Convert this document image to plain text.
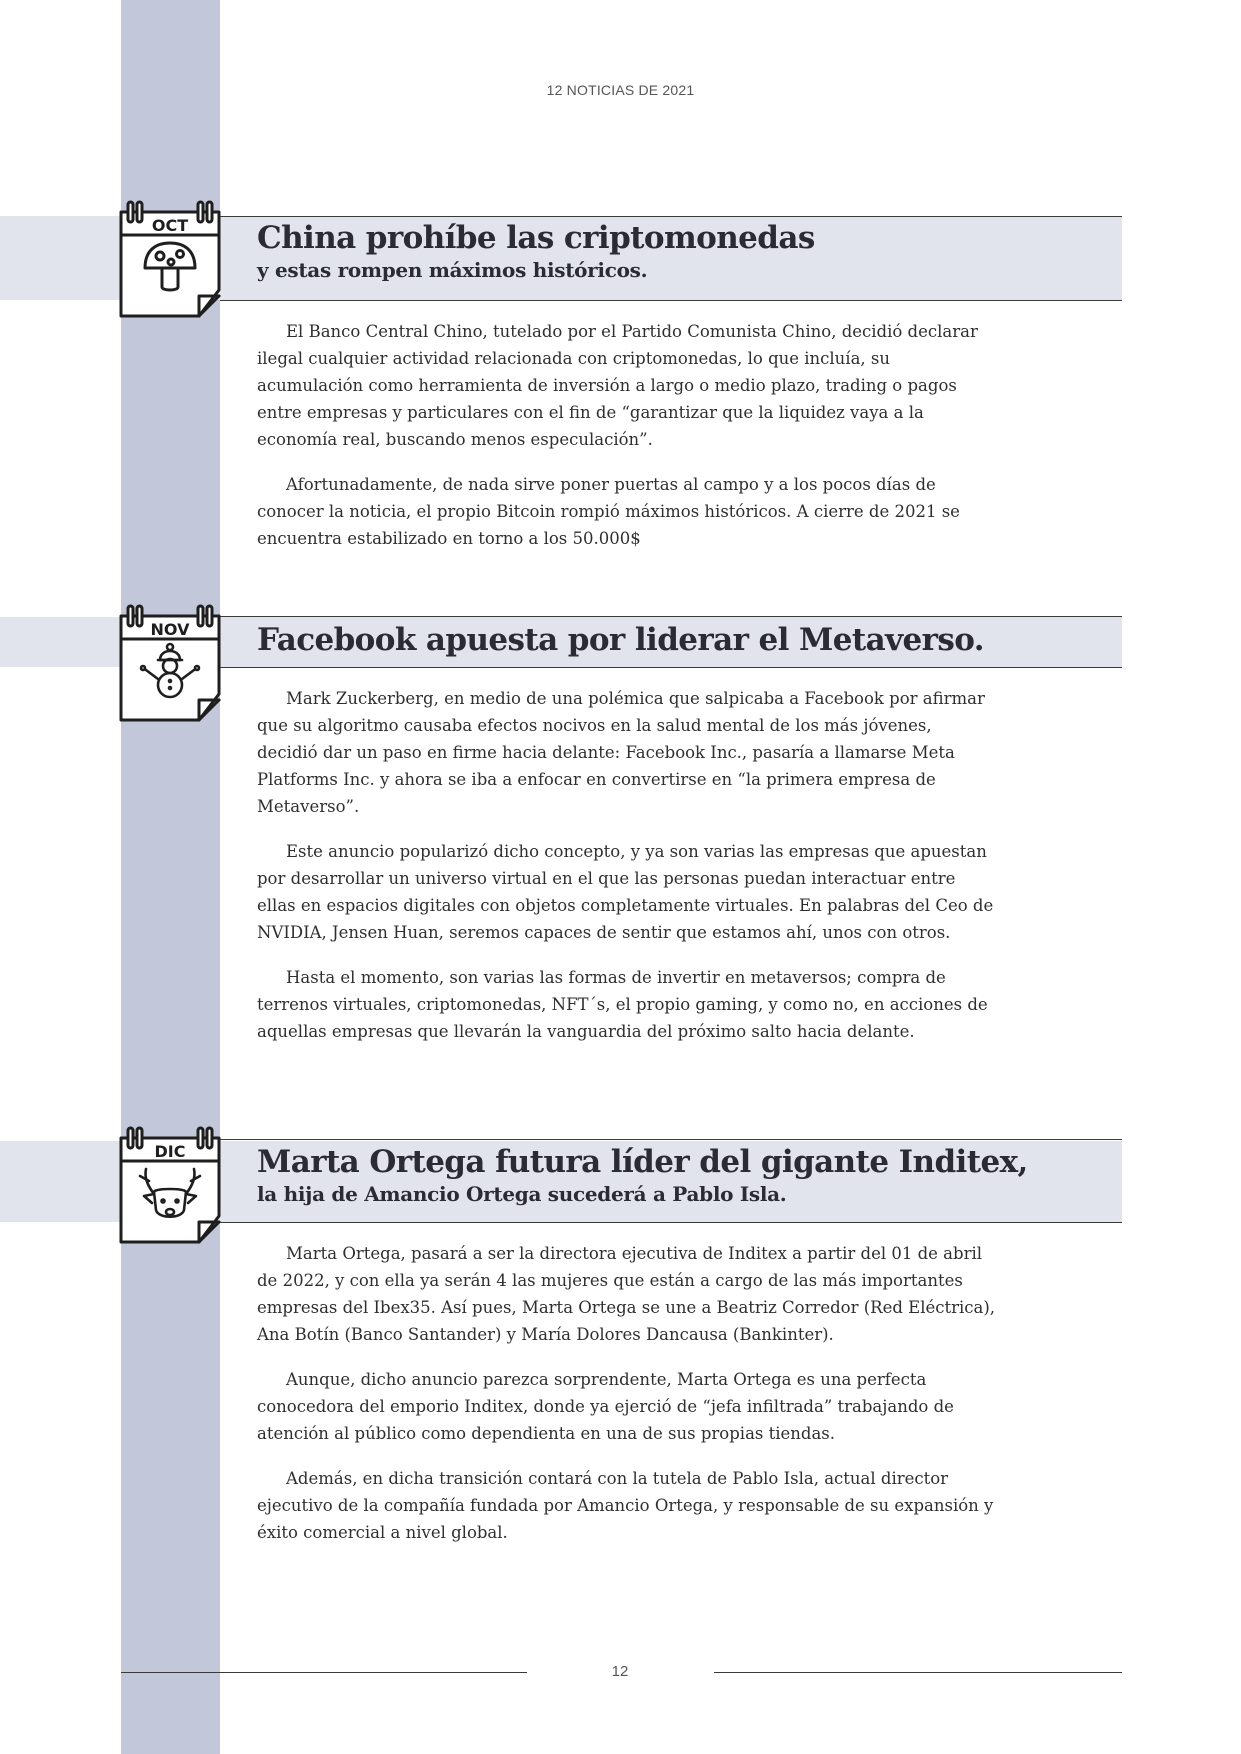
12 NOTICIAS DE 2021
OCT China prohíbe las criptomonedas
y estas rompen máximos históricos.

El Banco Central Chino, tutelado por el Partido Comunista Chino, decidió declarar ilegal cualquier actividad relacionada con criptomonedas, lo que incluía, su acumulación como herramienta de inversión a largo o medio plazo, trading o pagos entre empresas y particulares con el fin de “garantizar que la liquidez vaya a la economía real, buscando menos especulación”.

Afortunadamente, de nada sirve poner puertas al campo y a los pocos días de conocer la noticia, el propio Bitcoin rompió máximos históricos. A cierre de 2021 se encuentra estabilizado en torno a los 50.000$

NOV Facebook apuesta por liderar el Metaverso.

Mark Zuckerberg, en medio de una polémica que salpicaba a Facebook por afirmar que su algoritmo causaba efectos nocivos en la salud mental de los más jóvenes, decidió dar un paso en firme hacia delante: Facebook Inc., pasaría a llamarse Meta Platforms Inc. y ahora se iba a enfocar en convertirse en “la primera empresa de Metaverso”.

Este anuncio popularizó dicho concepto, y ya son varias las empresas que apuestan por desarrollar un universo virtual en el que las personas puedan interactuar entre ellas en espacios digitales con objetos completamente virtuales. En palabras del Ceo de NVIDIA, Jensen Huan, seremos capaces de sentir que estamos ahí, unos con otros.

Hasta el momento, son varias las formas de invertir en metaversos; compra de terrenos virtuales, criptomonedas, NFT´s, el propio gaming, y como no, en acciones de aquellas empresas que llevarán la vanguardia del próximo salto hacia delante.

DIC Marta Ortega futura líder del gigante Inditex,
la hija de Amancio Ortega sucederá a Pablo Isla.

Marta Ortega, pasará a ser la directora ejecutiva de Inditex a partir del 01 de abril de 2022, y con ella ya serán 4 las mujeres que están a cargo de las más importantes empresas del Ibex35. Así pues, Marta Ortega se une a Beatriz Corredor (Red Eléctrica), Ana Botín (Banco Santander) y María Dolores Dancausa (Bankinter).

Aunque, dicho anuncio parezca sorprendente, Marta Ortega es una perfecta conocedora del emporio Inditex, donde ya ejerció de “jefa infiltrada” trabajando de atención al público como dependienta en una de sus propias tiendas.

Además, en dicha transición contará con la tutela de Pablo Isla, actual director ejecutivo de la compañía fundada por Amancio Ortega, y responsable de su expansión y éxito comercial a nivel global.

12
